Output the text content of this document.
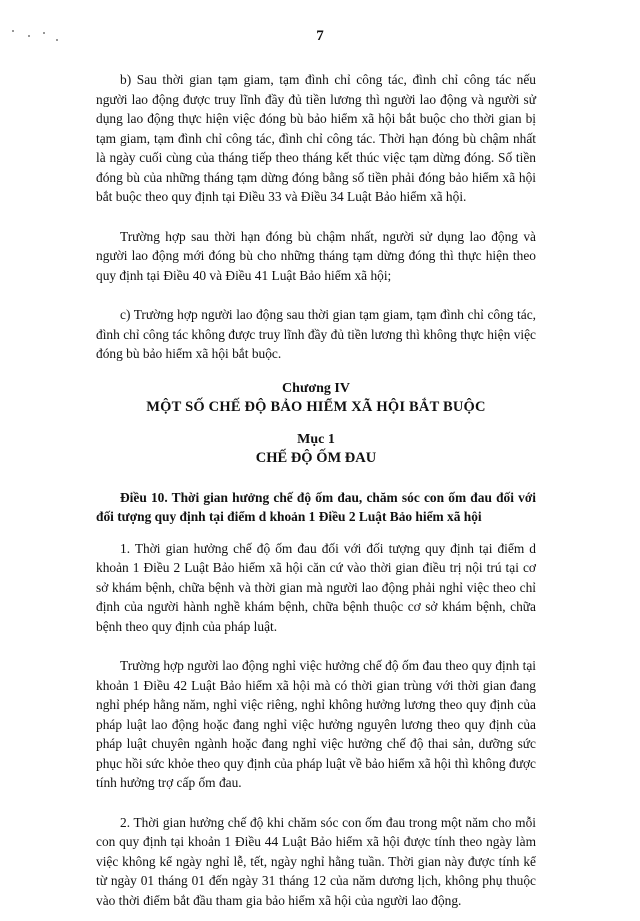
7

b) Sau thời gian tạm giam, tạm đình chỉ công tác, đình chỉ công tác nếu người lao động được truy lĩnh đầy đủ tiền lương thì người lao động và người sử dụng lao động thực hiện việc đóng bù bảo hiểm xã hội bắt buộc cho thời gian bị tạm giam, tạm đình chỉ công tác, đình chỉ công tác. Thời hạn đóng bù chậm nhất là ngày cuối cùng của tháng tiếp theo tháng kết thúc việc tạm dừng đóng. Số tiền đóng bù của những tháng tạm dừng đóng bằng số tiền phải đóng bảo hiểm xã hội bắt buộc theo quy định tại Điều 33 và Điều 34 Luật Bảo hiểm xã hội.

Trường hợp sau thời hạn đóng bù chậm nhất, người sử dụng lao động và người lao động mới đóng bù cho những tháng tạm dừng đóng thì thực hiện theo quy định tại Điều 40 và Điều 41 Luật Bảo hiểm xã hội;

c) Trường hợp người lao động sau thời gian tạm giam, tạm đình chỉ công tác, đình chỉ công tác không được truy lĩnh đầy đủ tiền lương thì không thực hiện việc đóng bù bảo hiểm xã hội bắt buộc.

Chương IV
MỘT SỐ CHẾ ĐỘ BẢO HIỂM XÃ HỘI BẮT BUỘC
Mục 1
CHẾ ĐỘ ỐM ĐAU

Điều 10. Thời gian hưởng chế độ ốm đau, chăm sóc con ốm đau đối với đối tượng quy định tại điểm d khoản 1 Điều 2 Luật Bảo hiểm xã hội

1. Thời gian hưởng chế độ ốm đau đối với đối tượng quy định tại điểm d khoản 1 Điều 2 Luật Bảo hiểm xã hội căn cứ vào thời gian điều trị nội trú tại cơ sở khám bệnh, chữa bệnh và thời gian mà người lao động phải nghỉ việc theo chỉ định của người hành nghề khám bệnh, chữa bệnh thuộc cơ sở khám bệnh, chữa bệnh theo quy định của pháp luật.

Trường hợp người lao động nghỉ việc hưởng chế độ ốm đau theo quy định tại khoản 1 Điều 42 Luật Bảo hiểm xã hội mà có thời gian trùng với thời gian đang nghỉ phép hằng năm, nghỉ việc riêng, nghỉ không hưởng lương theo quy định của pháp luật lao động hoặc đang nghỉ việc hưởng nguyên lương theo quy định của pháp luật chuyên ngành hoặc đang nghỉ việc hưởng chế độ thai sản, dưỡng sức phục hồi sức khỏe theo quy định của pháp luật về bảo hiểm xã hội thì không được tính hưởng trợ cấp ốm đau.

2. Thời gian hưởng chế độ khi chăm sóc con ốm đau trong một năm cho mỗi con quy định tại khoản 1 Điều 44 Luật Bảo hiểm xã hội được tính theo ngày làm việc không kể ngày nghỉ lễ, tết, ngày nghỉ hằng tuần. Thời gian này được tính kể từ ngày 01 tháng 01 đến ngày 31 tháng 12 của năm dương lịch, không phụ thuộc vào thời điểm bắt đầu tham gia bảo hiểm xã hội của người lao động.
